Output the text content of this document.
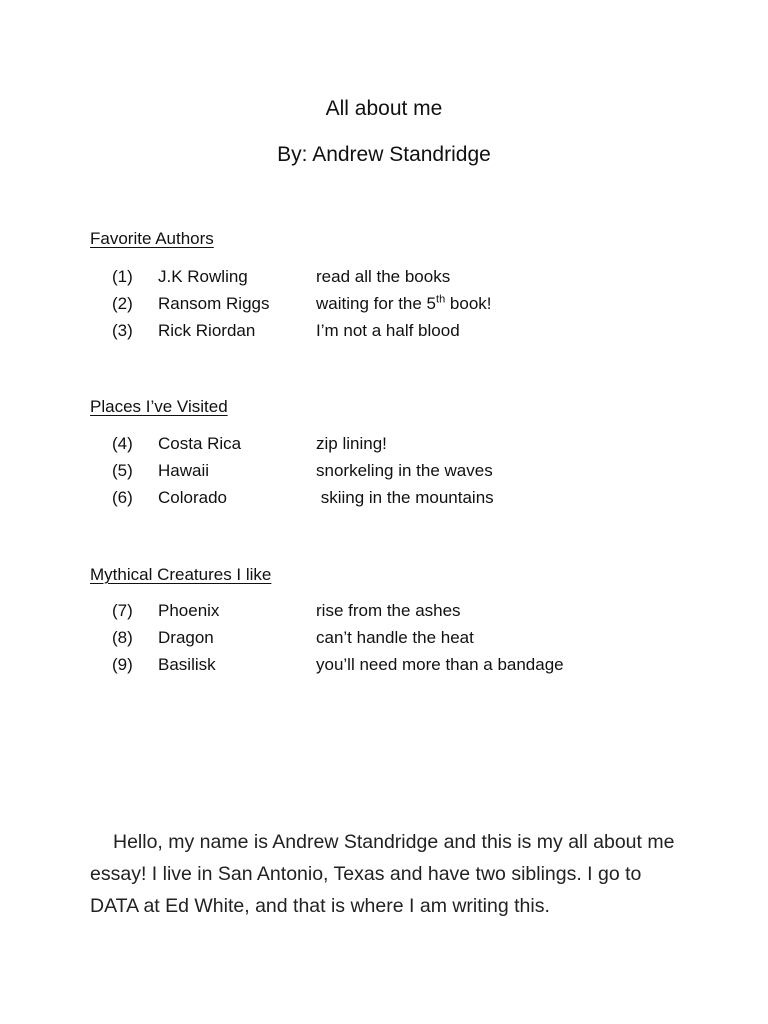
All about me
By: Andrew Standridge
Favorite Authors
(1) J.K Rowling	read all the books
(2) Ransom Riggs	waiting for the 5th book!
(3) Rick Riordan	I’m not a half blood
Places I’ve Visited
(4) Costa Rica	zip lining!
(5) Hawaii	snorkeling in the waves
(6) Colorado	skiing in the mountains
Mythical Creatures I like
(7) Phoenix	rise from the ashes
(8) Dragon	can’t handle the heat
(9) Basilisk	you’ll need more than a bandage
Hello, my name is Andrew Standridge and this is my all about me essay! I live in San Antonio, Texas and have two siblings. I go to DATA at Ed White, and that is where I am writing this.
